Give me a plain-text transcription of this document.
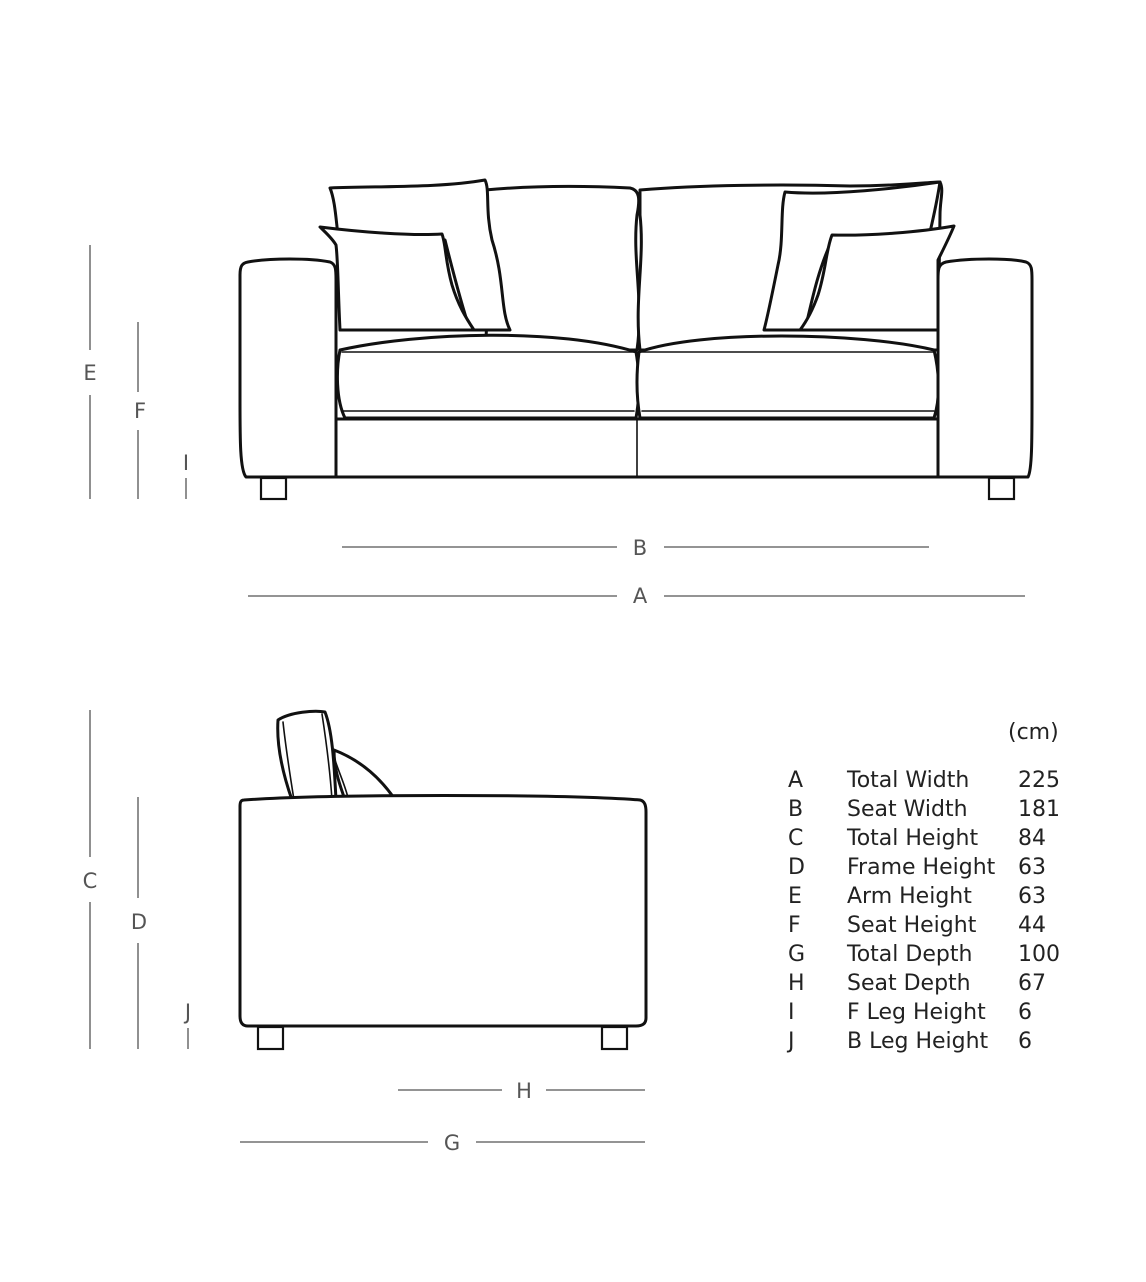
B
A
E
F
I
C
D
J
H
G
(cm)
A Total Width 225
B Seat Width 181
C Total Height 84
D Frame Height 63
E Arm Height 63
F Seat Height 44
G Total Depth 100
H Seat Depth 67
I F Leg Height 6
J B Leg Height 6
